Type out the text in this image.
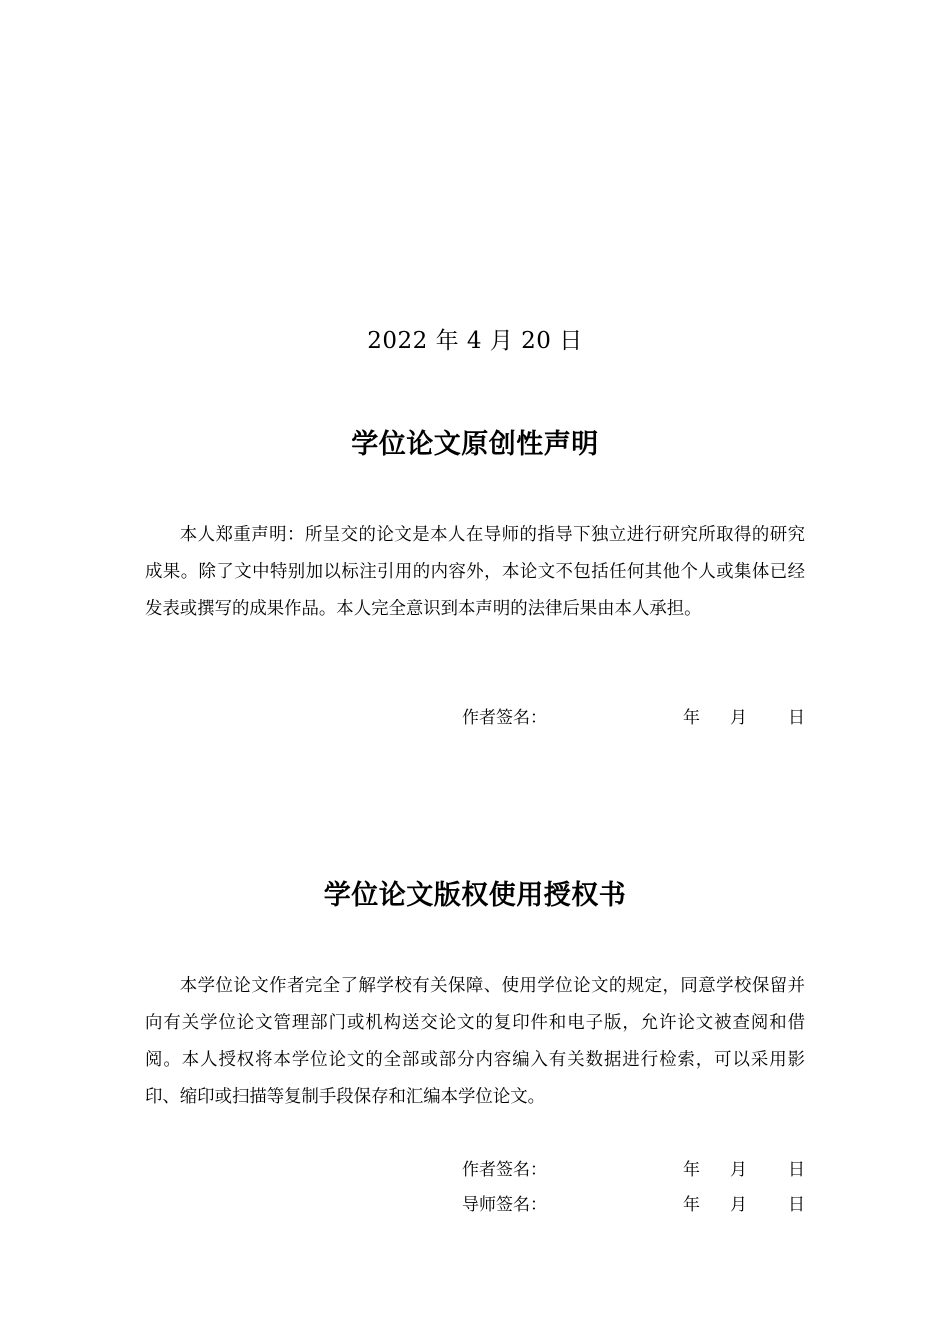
2022 年 4 月 20 日
学位论文原创性声明

本人郑重声明：所呈交的论文是本人在导师的指导下独立进行研究所取得的研究成果。除了文中特别加以标注引用的内容外，本论文不包括任何其他个人或集体已经发表或撰写的成果作品。本人完全意识到本声明的法律后果由本人承担。

作者签名：	年 月 日
学位论文版权使用授权书

本学位论文作者完全了解学校有关保障、使用学位论文的规定，同意学校保留并向有关学位论文管理部门或机构送交论文的复印件和电子版，允许论文被查阅和借阅。本人授权将本学位论文的全部或部分内容编入有关数据进行检索，可以采用影印、缩印或扫描等复制手段保存和汇编本学位论文。

作者签名：	年 月 日
导师签名：	年 月 日
